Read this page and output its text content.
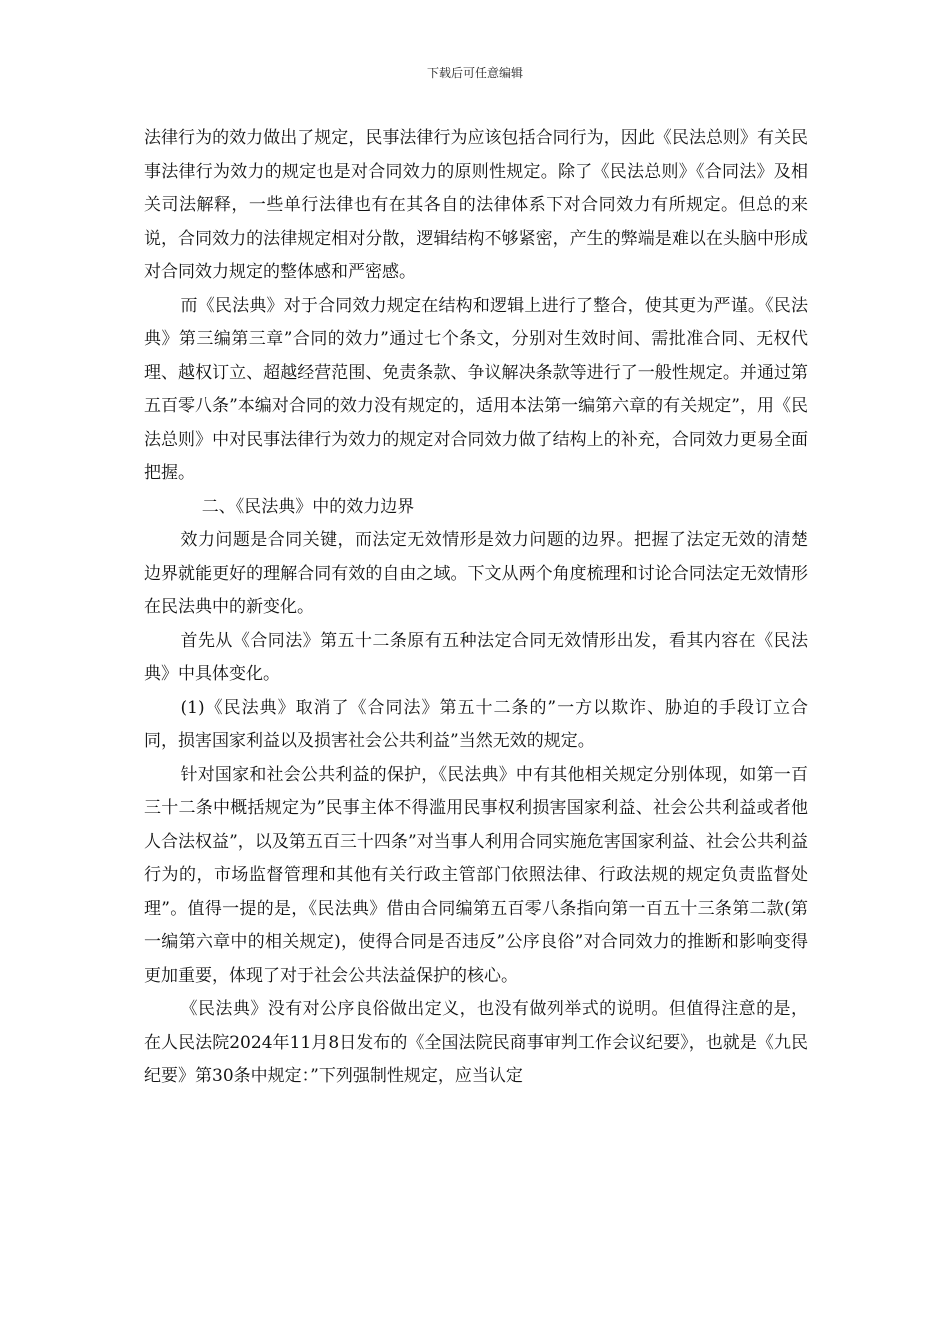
下载后可任意编辑

法律行为的效力做出了规定，民事法律行为应该包括合同行为，因此《民法总则》有关民事法律行为效力的规定也是对合同效力的原则性规定。除了《民法总则》《合同法》及相关司法解释，一些单行法律也有在其各自的法律体系下对合同效力有所规定。但总的来说，合同效力的法律规定相对分散，逻辑结构不够紧密，产生的弊端是难以在头脑中形成对合同效力规定的整体感和严密感。

而《民法典》对于合同效力规定在结构和逻辑上进行了整合，使其更为严谨。《民法典》第三编第三章”合同的效力”通过七个条文，分别对生效时间、需批准合同、无权代理、越权订立、超越经营范围、免责条款、争议解决条款等进行了一般性规定。并通过第五百零八条”本编对合同的效力没有规定的，适用本法第一编第六章的有关规定”，用《民法总则》中对民事法律行为效力的规定对合同效力做了结构上的补充，合同效力更易全面把握。

二、《民法典》中的效力边界

效力问题是合同关键，而法定无效情形是效力问题的边界。把握了法定无效的清楚边界就能更好的理解合同有效的自由之域。下文从两个角度梳理和讨论合同法定无效情形在民法典中的新变化。

首先从《合同法》第五十二条原有五种法定合同无效情形出发，看其内容在《民法典》中具体变化。

(1)《民法典》取消了《合同法》第五十二条的”一方以欺诈、胁迫的手段订立合同，损害国家利益以及损害社会公共利益”当然无效的规定。

针对国家和社会公共利益的保护，《民法典》中有其他相关规定分别体现，如第一百三十二条中概括规定为”民事主体不得滥用民事权利损害国家利益、社会公共利益或者他人合法权益”，以及第五百三十四条”对当事人利用合同实施危害国家利益、社会公共利益行为的，市场监督管理和其他有关行政主管部门依照法律、行政法规的规定负责监督处理”。值得一提的是，《民法典》借由合同编第五百零八条指向第一百五十三条第二款(第一编第六章中的相关规定)，使得合同是否违反”公序良俗”对合同效力的推断和影响变得更加重要，体现了对于社会公共法益保护的核心。

《民法典》没有对公序良俗做出定义，也没有做列举式的说明。但值得注意的是，在人民法院2024年11月8日发布的《全国法院民商事审判工作会议纪要》，也就是《九民纪要》第30条中规定：”下列强制性规定，应当认定
